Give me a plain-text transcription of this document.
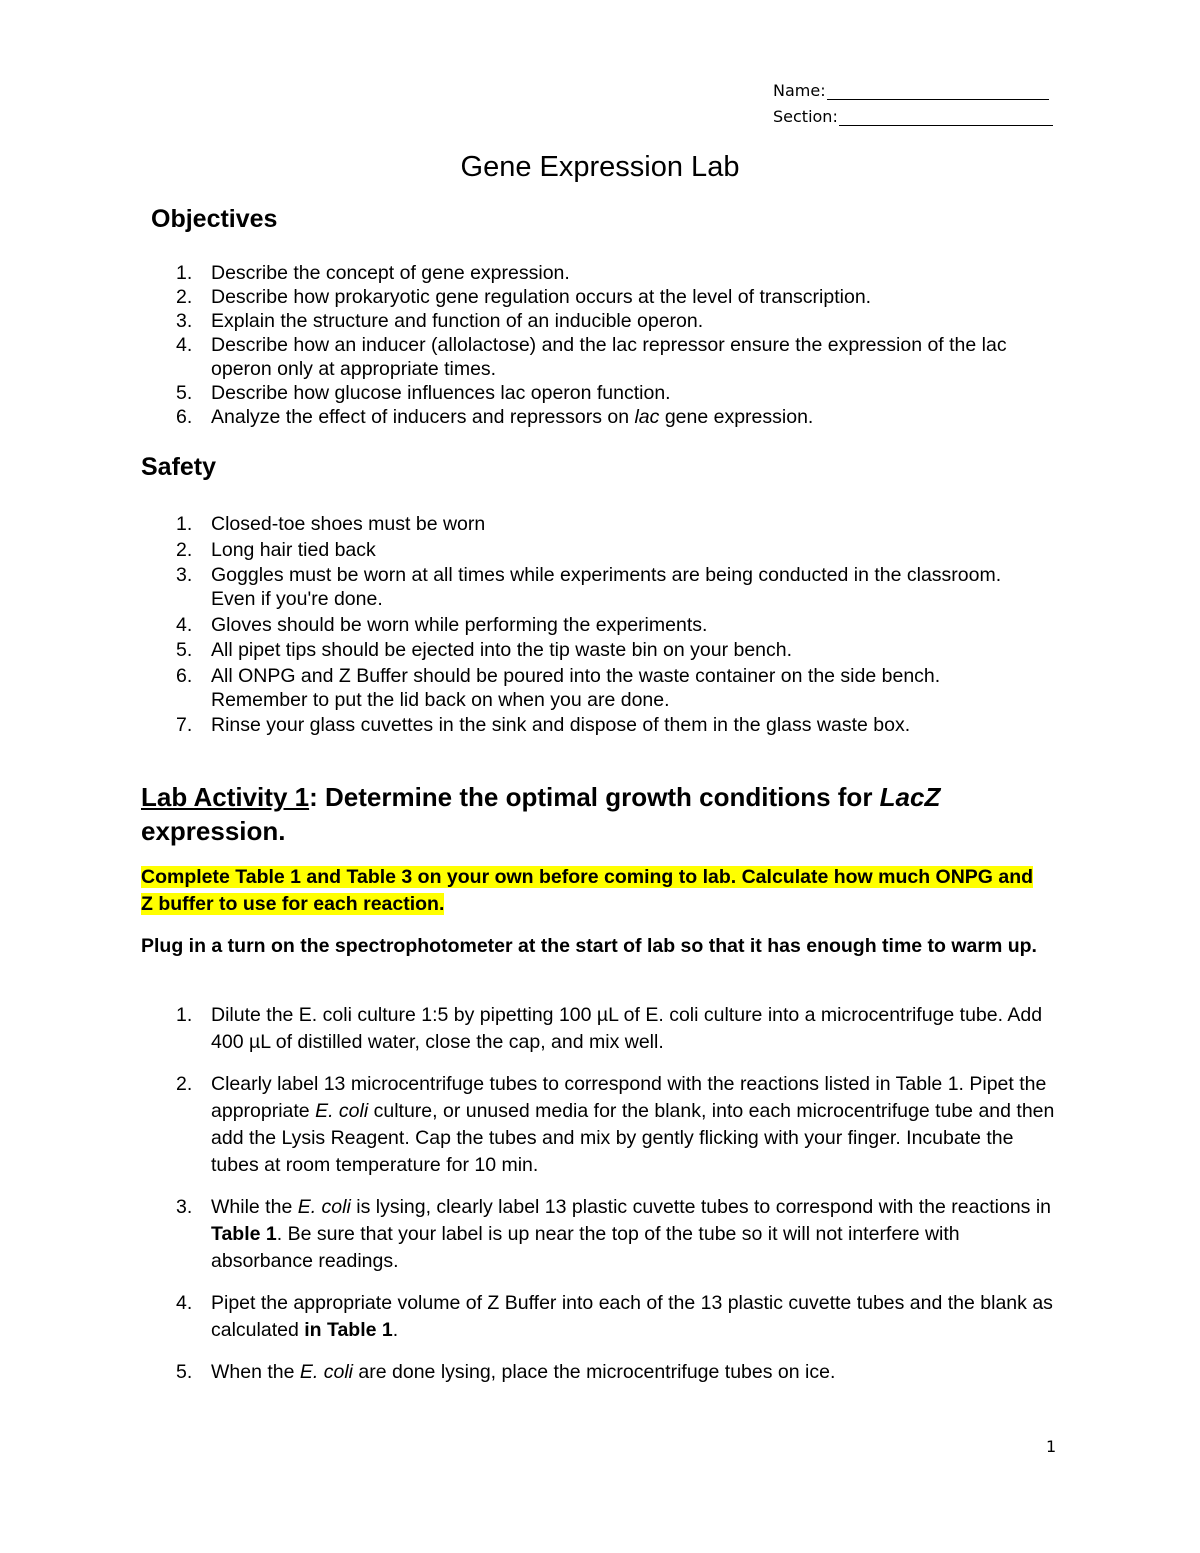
Name:
Section:
Gene Expression Lab
Objectives
1. Describe the concept of gene expression.
2. Describe how prokaryotic gene regulation occurs at the level of transcription.
3. Explain the structure and function of an inducible operon.
4. Describe how an inducer (allolactose) and the lac repressor ensure the expression of the lac operon only at appropriate times.
5. Describe how glucose influences lac operon function.
6. Analyze the effect of inducers and repressors on lac gene expression.
Safety
1. Closed-toe shoes must be worn
2. Long hair tied back
3. Goggles must be worn at all times while experiments are being conducted in the classroom. Even if you're done.
4. Gloves should be worn while performing the experiments.
5. All pipet tips should be ejected into the tip waste bin on your bench.
6. All ONPG and Z Buffer should be poured into the waste container on the side bench. Remember to put the lid back on when you are done.
7. Rinse your glass cuvettes in the sink and dispose of them in the glass waste box.
Lab Activity 1: Determine the optimal growth conditions for LacZ expression.

Complete Table 1 and Table 3 on your own before coming to lab. Calculate how much ONPG and Z buffer to use for each reaction.

Plug in a turn on the spectrophotometer at the start of lab so that it has enough time to warm up.

1. Dilute the E. coli culture 1:5 by pipetting 100 µL of E. coli culture into a microcentrifuge tube. Add 400 µL of distilled water, close the cap, and mix well.
2. Clearly label 13 microcentrifuge tubes to correspond with the reactions listed in Table 1. Pipet the appropriate E. coli culture, or unused media for the blank, into each microcentrifuge tube and then add the Lysis Reagent. Cap the tubes and mix by gently flicking with your finger. Incubate the tubes at room temperature for 10 min.
3. While the E. coli is lysing, clearly label 13 plastic cuvette tubes to correspond with the reactions in Table 1. Be sure that your label is up near the top of the tube so it will not interfere with absorbance readings.
4. Pipet the appropriate volume of Z Buffer into each of the 13 plastic cuvette tubes and the blank as calculated in Table 1.
5. When the E. coli are done lysing, place the microcentrifuge tubes on ice.
1
